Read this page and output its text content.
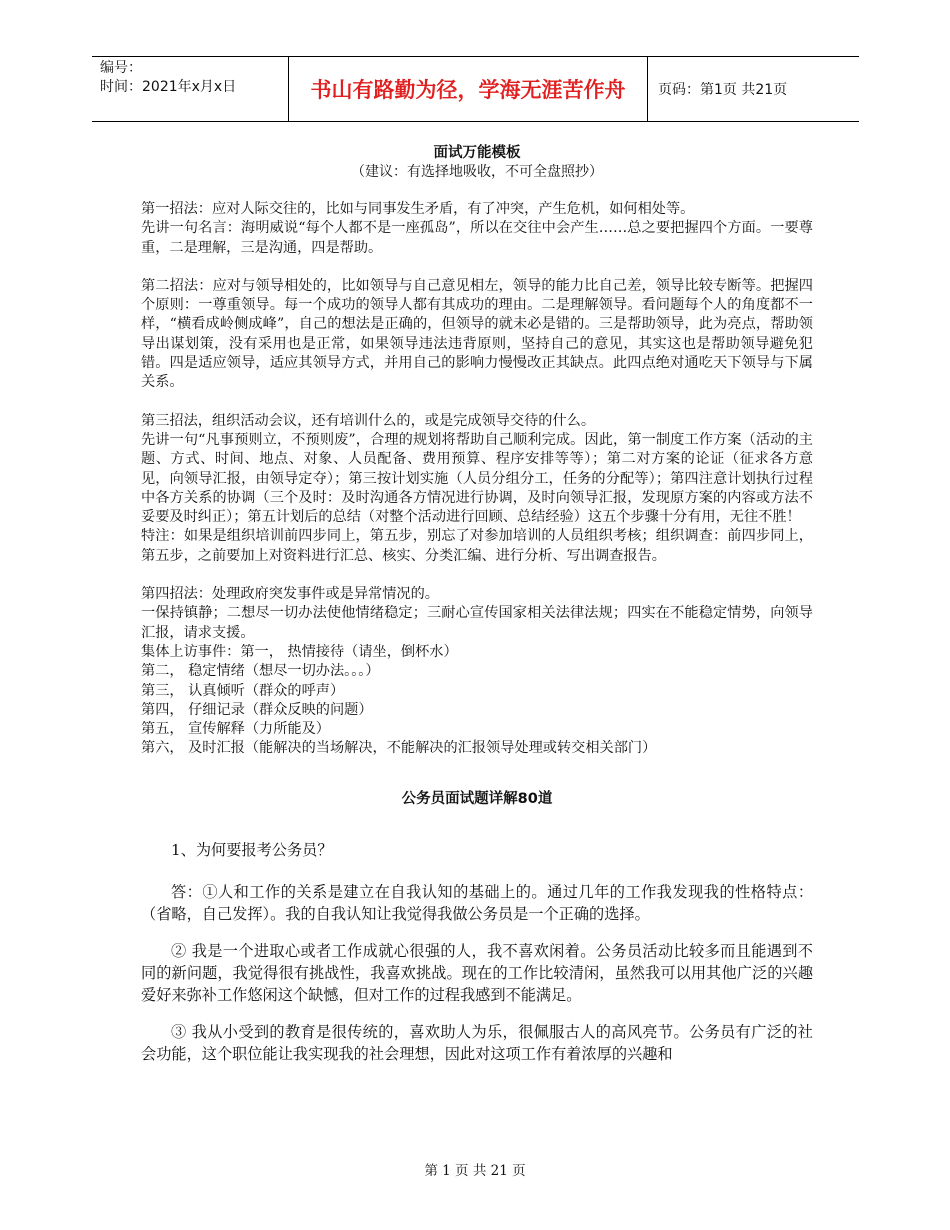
编号：
时间：2021年x月x日	书山有路勤为径，学海无涯苦作舟	页码：第1页 共21页
面试万能模板
（建议：有选择地吸收，不可全盘照抄）

第一招法：应对人际交往的，比如与同事发生矛盾，有了冲突，产生危机，如何相处等。

先讲一句名言：海明威说“每个人都不是一座孤岛”，所以在交往中会产生……总之要把握四个方面。一要尊重，二是理解，三是沟通，四是帮助。

第二招法：应对与领导相处的，比如领导与自己意见相左，领导的能力比自己差，领导比较专断等。把握四个原则：一尊重领导。每一个成功的领导人都有其成功的理由。二是理解领导。看问题每个人的角度都不一样，“横看成岭侧成峰”，自己的想法是正确的，但领导的就未必是错的。三是帮助领导，此为亮点，帮助领导出谋划策，没有采用也是正常，如果领导违法违背原则，坚持自己的意见，其实这也是帮助领导避免犯错。四是适应领导，适应其领导方式，并用自己的影响力慢慢改正其缺点。此四点绝对通吃天下领导与下属关系。

第三招法，组织活动会议，还有培训什么的，或是完成领导交待的什么。

先讲一句“凡事预则立，不预则废”，合理的规划将帮助自己顺利完成。因此，第一制度工作方案（活动的主题、方式、时间、地点、对象、人员配备、费用预算、程序安排等等）；第二对方案的论证（征求各方意见，向领导汇报，由领导定夺）；第三按计划实施（人员分组分工，任务的分配等）；第四注意计划执行过程中各方关系的协调（三个及时：及时沟通各方情况进行协调，及时向领导汇报，发现原方案的内容或方法不妥要及时纠正）；第五计划后的总结（对整个活动进行回顾、总结经验）这五个步骤十分有用，无往不胜！

特注：如果是组织培训前四步同上，第五步，别忘了对参加培训的人员组织考核；组织调查：前四步同上，第五步，之前要加上对资料进行汇总、核实、分类汇编、进行分析、写出调查报告。

第四招法：处理政府突发事件或是异常情况的。

一保持镇静；二想尽一切办法使他情绪稳定；三耐心宣传国家相关法律法规；四实在不能稳定情势，向领导汇报，请求支援。

集体上访事件：第一， 热情接待（请坐，倒杯水）

第二， 稳定情绪（想尽一切办法。。。）

第三， 认真倾听（群众的呼声）

第四， 仔细记录（群众反映的问题）

第五， 宣传解释（力所能及）

第六， 及时汇报（能解决的当场解决，不能解决的汇报领导处理或转交相关部门）

公务员面试题详解80道

1、为何要报考公务员？

答：①人和工作的关系是建立在自我认知的基础上的。通过几年的工作我发现我的性格特点：（省略，自己发挥）。我的自我认知让我觉得我做公务员是一个正确的选择。

② 我是一个进取心或者工作成就心很强的人，我不喜欢闲着。公务员活动比较多而且能遇到不同的新问题，我觉得很有挑战性，我喜欢挑战。现在的工作比较清闲，虽然我可以用其他广泛的兴趣爱好来弥补工作悠闲这个缺憾，但对工作的过程我感到不能满足。

③ 我从小受到的教育是很传统的，喜欢助人为乐，很佩服古人的高风亮节。公务员有广泛的社会功能，这个职位能让我实现我的社会理想，因此对这项工作有着浓厚的兴趣和

第 1 页 共 21 页
